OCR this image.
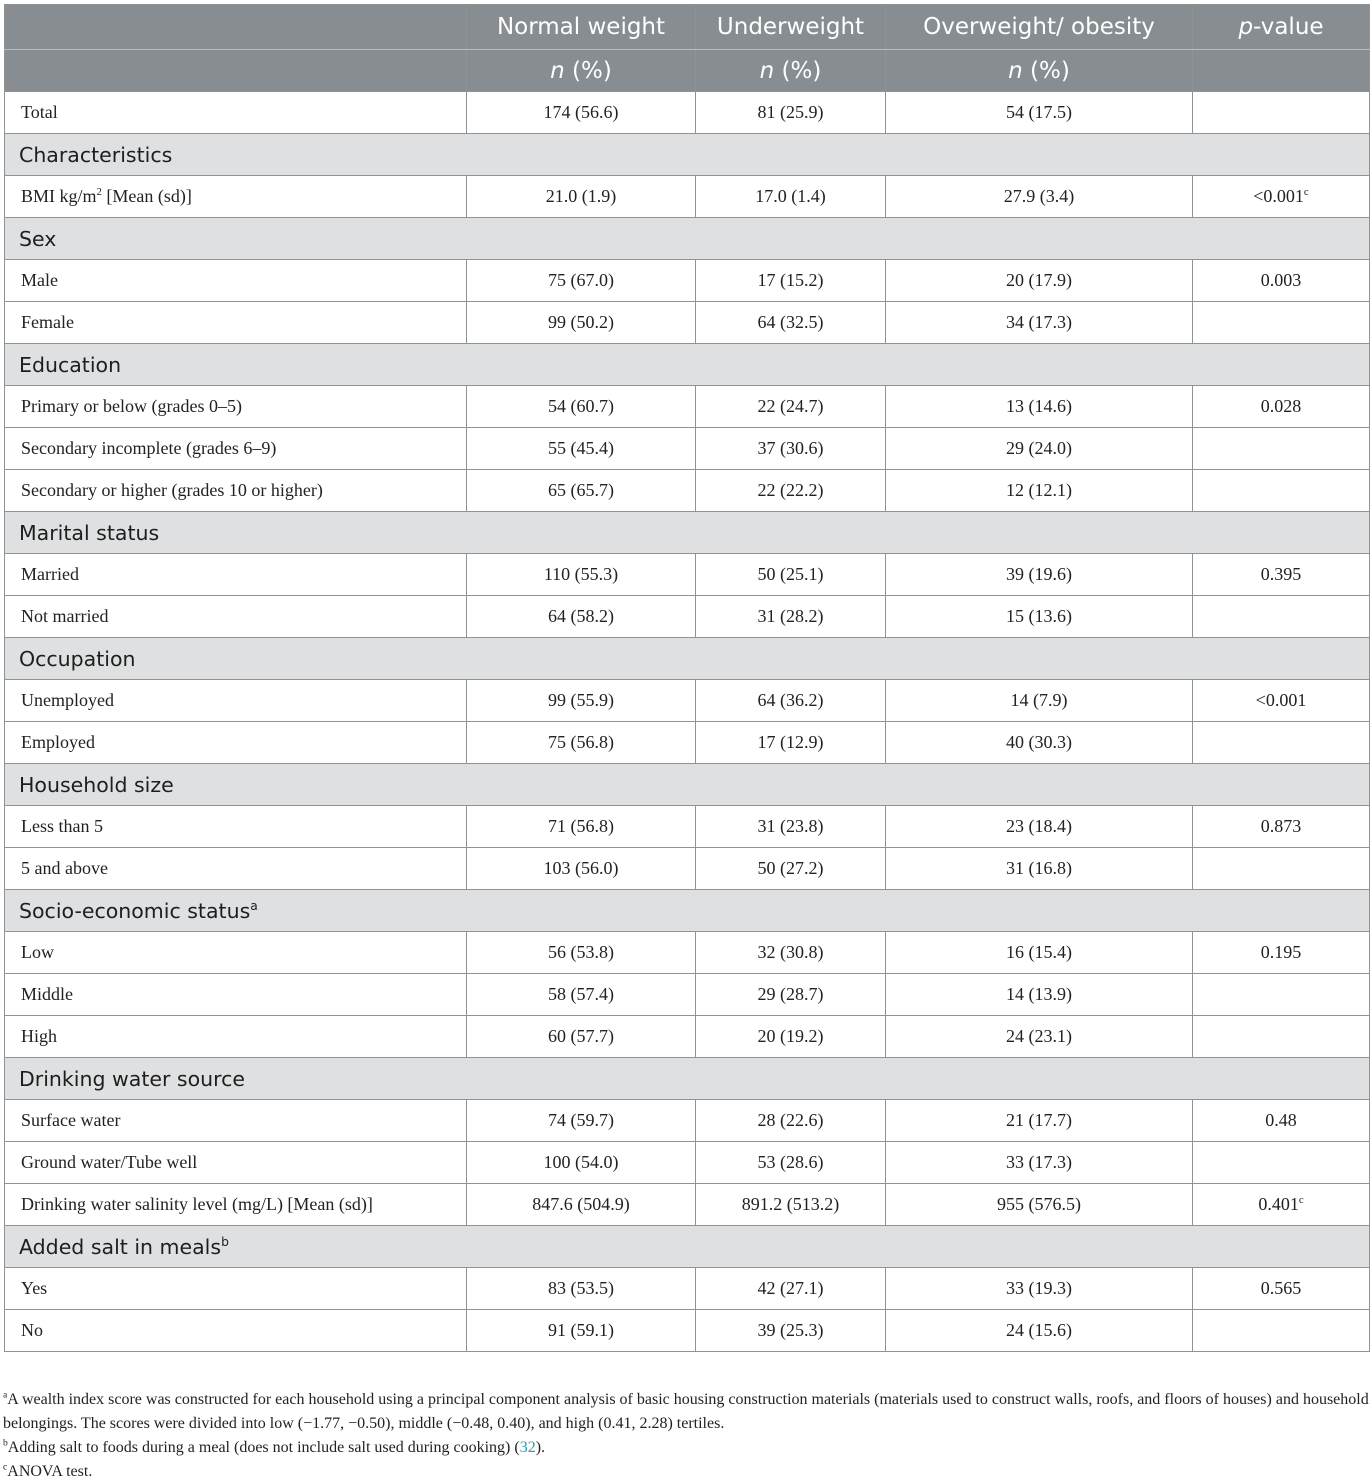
	Normal weight	Underweight	Overweight/ obesity	p-value
	n (%)	n (%)	n (%)	
Total	174 (56.6)	81 (25.9)	54 (17.5)	
Characteristics				
BMI $kg/m^2$ [Mean (sd)]	21.0 (1.9)	17.0 (1.4)	27.9 (3.4)	<0.001$^c$
Sex				
Male	75 (67.0)	17 (15.2)	20 (17.9)	0.003
Female	99 (50.2)	64 (32.5)	34 (17.3)	
Education				
Primary or below (grades 0–5)	54 (60.7)	22 (24.7)	13 (14.6)	0.028
Secondary incomplete (grades 6–9)	55 (45.4)	37 (30.6)	29 (24.0)	
Secondary or higher (grades 10 or higher)	65 (65.7)	22 (22.2)	12 (12.1)	
Marital status				
Married	110 (55.3)	50 (25.1)	39 (19.6)	0.395
Not married	64 (58.2)	31 (28.2)	15 (13.6)	
Occupation				
Unemployed	99 (55.9)	64 (36.2)	14 (7.9)	<0.001
Employed	75 (56.8)	17 (12.9)	40 (30.3)	
Household size				
Less than 5	71 (56.8)	31 (23.8)	23 (18.4)	0.873
5 and above	103 (56.0)	50 (27.2)	31 (16.8)	
Socio-economic status$^a$
Low	56 (53.8)	32 (30.8)	16 (15.4)	0.195
Middle	58 (57.4)	29 (28.7)	14 (13.9)	
High	60 (57.7)	20 (19.2)	24 (23.1)	
Drinking water source				
Surface water	74 (59.7)	28 (22.6)	21 (17.7)	0.48
Ground water/Tube well	100 (54.0)	53 (28.6)	33 (17.3)	
Drinking water salinity level (mg/L) [Mean (sd)]	847.6 (504.9)	891.2 (513.2)	955 (576.5)	0.401$^c$
Added salt in meals$^b$
Yes	83 (53.5)	42 (27.1)	33 (19.3)	0.565
No	91 (59.1)	39 (25.3)	24 (15.6)	

$^a$A wealth index score was constructed for each household using a principal component analysis of basic housing construction materials (materials used to construct walls, roofs, and floors of houses) and household belongings. The scores were divided into low (−1.77, −0.50), middle (−0.48, 0.40), and high (0.41, 2.28) tertiles.

$^b$Adding salt to foods during a meal (does not include salt used during cooking) (32).

$^c$ANOVA test.
